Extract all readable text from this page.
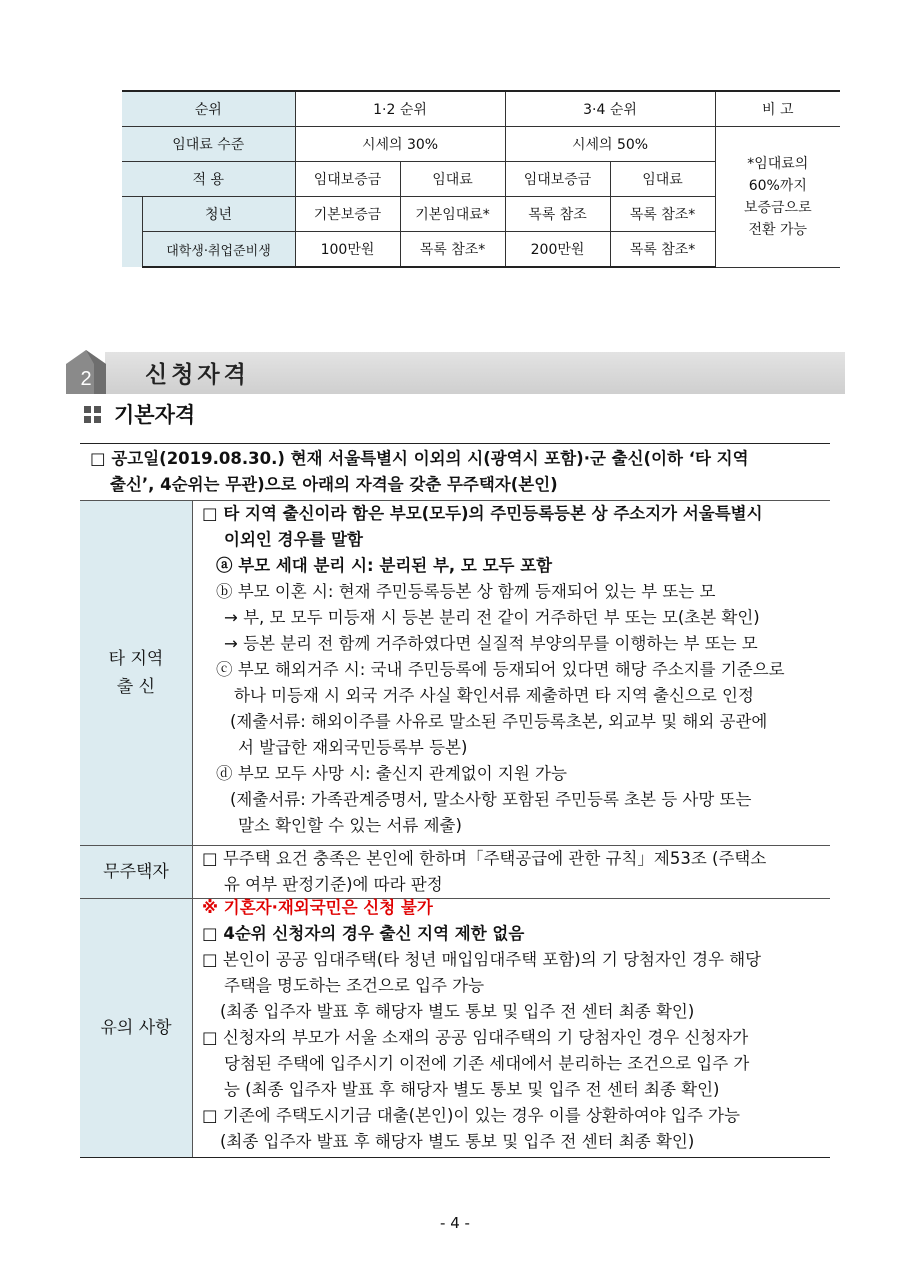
순위		1·2 순위		3·4 순위		비 고
임대료 수준		시세의 30%		시세의 50%		*임대료의
60%까지
보증금으로
전환 가능

적 용		임대보증금	임대료	임대보증금	임대료	
	청년	기본보증금	기본임대료*	목록 참조	목록 참조*	
	대학생·취업준비생	100만원	목록 참조*	200만원	목록 참조*	
2 신청자격
기본자격
□ 공고일(2019.08.30.) 현재 서울특별시 이외의 시(광역시 포함)·군 출신(이하 ‘타 지역
출신’, 4순위는 무관)으로 아래의 자격을 갖춘 무주택자(본인)
타 지역
출 신
□ 타 지역 출신이라 함은 부모(모두)의 주민등록등본 상 주소지가 서울특별시
이외인 경우를 말함
ⓐ 부모 세대 분리 시: 분리된 부, 모 모두 포함
ⓑ 부모 이혼 시: 현재 주민등록등본 상 함께 등재되어 있는 부 또는 모
→ 부, 모 모두 미등재 시 등본 분리 전 같이 거주하던 부 또는 모(초본 확인)
→ 등본 분리 전 함께 거주하였다면 실질적 부양의무를 이행하는 부 또는 모
ⓒ 부모 해외거주 시: 국내 주민등록에 등재되어 있다면 해당 주소지를 기준으로
하나 미등재 시 외국 거주 사실 확인서류 제출하면 타 지역 출신으로 인정
(제출서류: 해외이주를 사유로 말소된 주민등록초본, 외교부 및 해외 공관에
서 발급한 재외국민등록부 등본)
ⓓ 부모 모두 사망 시: 출신지 관계없이 지원 가능
(제출서류: 가족관계증명서, 말소사항 포함된 주민등록 초본 등 사망 또는
말소 확인할 수 있는 서류 제출)
무주택자
□ 무주택 요건 충족은 본인에 한하며「주택공급에 관한 규칙」제53조 (주택소
유 여부 판정기준)에 따라 판정
유의 사항
※ 기혼자·재외국민은 신청 불가
□ 4순위 신청자의 경우 출신 지역 제한 없음
□ 본인이 공공 임대주택(타 청년 매입임대주택 포함)의 기 당첨자인 경우 해당
주택을 명도하는 조건으로 입주 가능
(최종 입주자 발표 후 해당자 별도 통보 및 입주 전 센터 최종 확인)
□ 신청자의 부모가 서울 소재의 공공 임대주택의 기 당첨자인 경우 신청자가
당첨된 주택에 입주시기 이전에 기존 세대에서 분리하는 조건으로 입주 가
능 (최종 입주자 발표 후 해당자 별도 통보 및 입주 전 센터 최종 확인)
□ 기존에 주택도시기금 대출(본인)이 있는 경우 이를 상환하여야 입주 가능
(최종 입주자 발표 후 해당자 별도 통보 및 입주 전 센터 최종 확인)
- 4 -
